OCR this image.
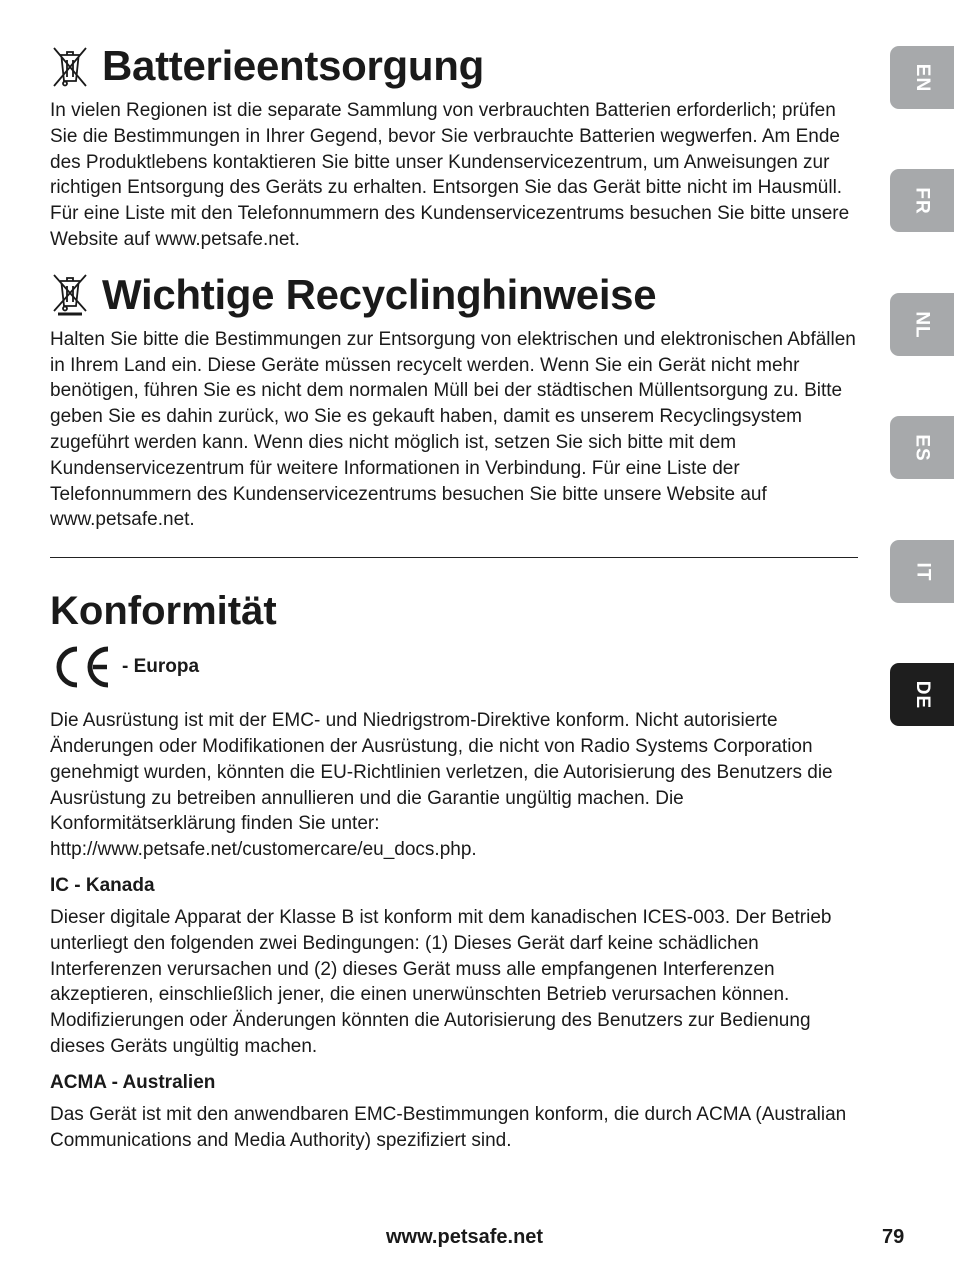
Batterieentsorgung

In vielen Regionen ist die separate Sammlung von verbrauchten Batterien erforderlich; prüfen Sie die Bestimmungen in Ihrer Gegend, bevor Sie verbrauchte Batterien wegwerfen. Am Ende des Produktlebens kontaktieren Sie bitte unser Kundenservicezentrum, um Anweisungen zur richtigen Entsorgung des Geräts zu erhalten. Entsorgen Sie das Gerät bitte nicht im Hausmüll. Für eine Liste mit den Telefonnummern des Kundenservicezentrums besuchen Sie bitte unsere Website auf www.petsafe.net.

Wichtige Recyclinghinweise

Halten Sie bitte die Bestimmungen zur Entsorgung von elektrischen und elektronischen Abfällen in Ihrem Land ein. Diese Geräte müssen recycelt werden. Wenn Sie ein Gerät nicht mehr benötigen, führen Sie es nicht dem normalen Müll bei der städtischen Müllentsorgung zu. Bitte geben Sie es dahin zurück, wo Sie es gekauft haben, damit es unserem Recyclingsystem zugeführt werden kann. Wenn dies nicht möglich ist, setzen Sie sich bitte mit dem Kundenservicezentrum für weitere Informationen in Verbindung. Für eine Liste der Telefonnummern des Kundenservicezentrums besuchen Sie bitte unsere Website auf www.petsafe.net.

Konformität
- Europa

Die Ausrüstung ist mit der EMC- und Niedrigstrom-Direktive konform. Nicht autorisierte Änderungen oder Modifikationen der Ausrüstung, die nicht von Radio Systems Corporation genehmigt wurden, könnten die EU-Richtlinien verletzen, die Autorisierung des Benutzers die Ausrüstung zu betreiben annullieren und die Garantie ungültig machen. Die Konformitätserklärung finden Sie unter:

http://www.petsafe.net/customercare/eu_docs.php.

IC - Kanada

Dieser digitale Apparat der Klasse B ist konform mit dem kanadischen ICES-003. Der Betrieb unterliegt den folgenden zwei Bedingungen: (1) Dieses Gerät darf keine schädlichen Interferenzen verursachen und (2) dieses Gerät muss alle empfangenen Interferenzen akzeptieren, einschließlich jener, die einen unerwünschten Betrieb verursachen können. Modifizierungen oder Änderungen könnten die Autorisierung des Benutzers zur Bedienung dieses Geräts ungültig machen.

ACMA - Australien

Das Gerät ist mit den anwendbaren EMC-Bestimmungen konform, die durch ACMA (Australian Communications and Media Authority) spezifiziert sind.

EN
FR
NL
ES
IT
DE
www.petsafe.net	79
